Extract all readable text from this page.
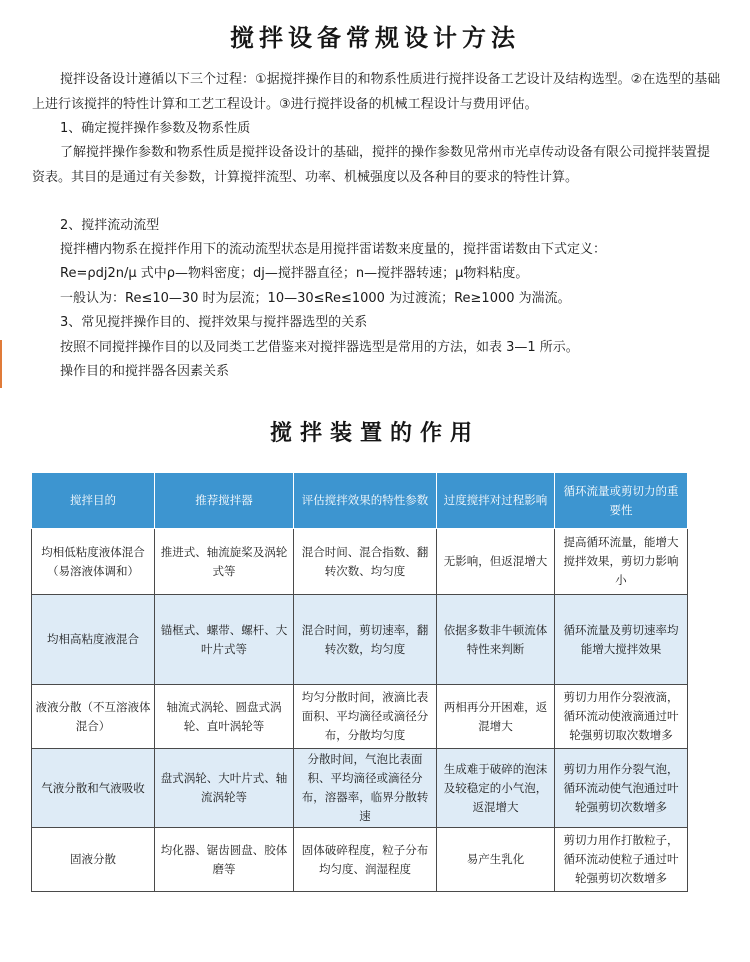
搅拌设备常规设计方法

搅拌设备设计遵循以下三个过程：①据搅拌操作目的和物系性质进行搅拌设备工艺设计及结构选型。②在选型的基础上进行该搅拌的特性计算和工艺工程设计。③进行搅拌设备的机械工程设计与费用评估。

1、确定搅拌操作参数及物系性质

了解搅拌操作参数和物系性质是搅拌设备设计的基础，搅拌的操作参数见常州市光卓传动设备有限公司搅拌装置提资表。其目的是通过有关参数，计算搅拌流型、功率、机械强度以及各种目的要求的特性计算。

2、搅拌流动流型

搅拌槽内物系在搅拌作用下的流动流型状态是用搅拌雷诺数来度量的，搅拌雷诺数由下式定义：

Re=ρdj2n/μ 式中ρ—物料密度；dj—搅拌器直径；n—搅拌器转速；μ物料粘度。

一般认为：Re≤10—30 时为层流；10—30≤Re≤1000 为过渡流；Re≥1000 为湍流。

3、常见搅拌操作目的、搅拌效果与搅拌器选型的关系

按照不同搅拌操作目的以及同类工艺借鉴来对搅拌器选型是常用的方法，如表 3—1 所示。

操作目的和搅拌器各因素关系

搅拌装置的作用
搅拌目的	推荐搅拌器	评估搅拌效果的特性参数	过度搅拌对过程影响	循环流量或剪切力的重要性
均相低粘度液体混合（易溶液体调和）	推进式、轴流旋桨及涡轮式等	混合时间、混合指数、翻转次数、均匀度	无影响，但返混增大	提高循环流量，能增大搅拌效果，剪切力影响小
均相高粘度液混合	锚框式、螺带、螺杆、大叶片式等	混合时间，剪切速率，翻转次数，均匀度	依据多数非牛顿流体特性来判断	循环流量及剪切速率均能增大搅拌效果
液液分散（不互溶液体混合）	轴流式涡轮、圆盘式涡轮、直叶涡轮等	均匀分散时间，液滴比表面积、平均滴径或滴径分布，分散均匀度	两相再分开困难，返混增大	剪切力用作分裂液滴，循环流动使液滴通过叶轮强剪切取次数增多
气液分散和气液吸收	盘式涡轮、大叶片式、轴流涡轮等	分散时间，气泡比表面积、平均滴径或滴径分布，溶器率，临界分散转速	生成难于破碎的泡沫及较稳定的小气泡，返混增大	剪切力用作分裂气泡，循环流动使气泡通过叶轮强剪切次数增多
固液分散	均化器、锯齿圆盘、胶体磨等	固体破碎程度，粒子分布均匀度、润湿程度	易产生乳化	剪切力用作打散粒子，循环流动使粒子通过叶轮强剪切次数增多
